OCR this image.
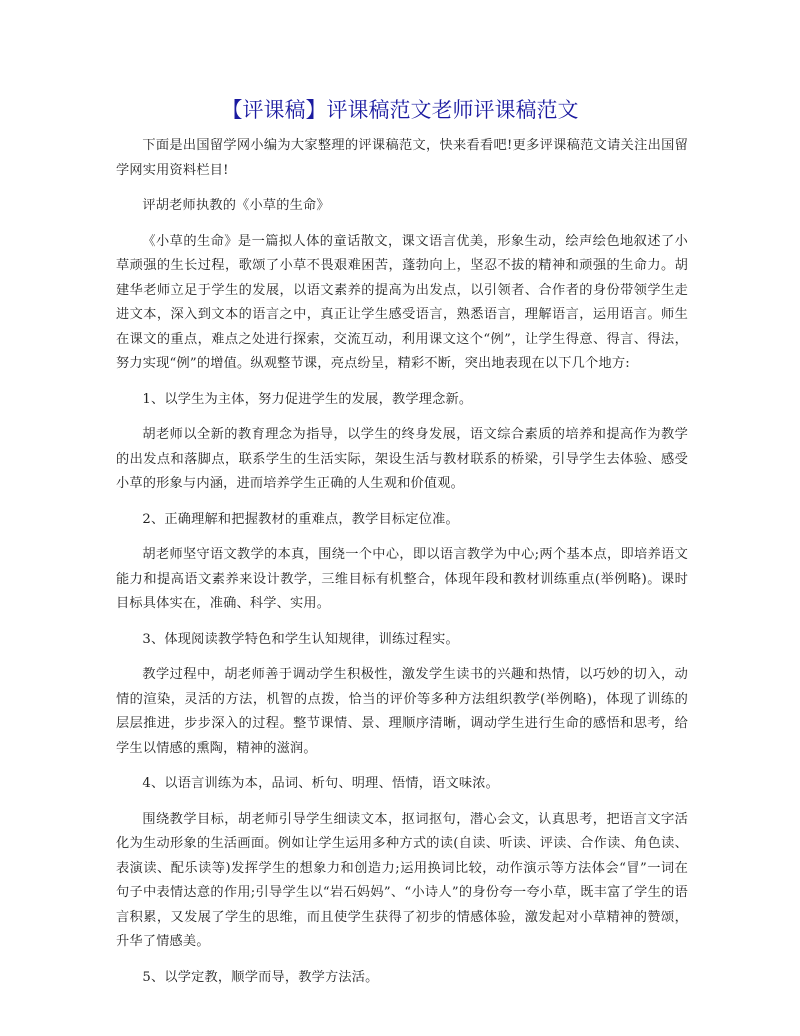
【评课稿】评课稿范文老师评课稿范文

下面是出国留学网小编为大家整理的评课稿范文，快来看看吧!更多评课稿范文请关注出国留学网实用资料栏目!

评胡老师执教的《小草的生命》

《小草的生命》是一篇拟人体的童话散文，课文语言优美，形象生动，绘声绘色地叙述了小草顽强的生长过程，歌颂了小草不畏艰难困苦，蓬勃向上，坚忍不拔的精神和顽强的生命力。胡建华老师立足于学生的发展，以语文素养的提高为出发点，以引领者、合作者的身份带领学生走进文本，深入到文本的语言之中，真正让学生感受语言，熟悉语言，理解语言，运用语言。师生在课文的重点，难点之处进行探索，交流互动，利用课文这个“例”，让学生得意、得言、得法，努力实现“例”的增值。纵观整节课，亮点纷呈，精彩不断，突出地表现在以下几个地方:

1、以学生为主体，努力促进学生的发展，教学理念新。

胡老师以全新的教育理念为指导，以学生的终身发展，语文综合素质的培养和提高作为教学的出发点和落脚点，联系学生的生活实际，架设生活与教材联系的桥梁，引导学生去体验、感受小草的形象与内涵，进而培养学生正确的人生观和价值观。

2、正确理解和把握教材的重难点，教学目标定位准。

胡老师坚守语文教学的本真，围绕一个中心，即以语言教学为中心;两个基本点，即培养语文能力和提高语文素养来设计教学，三维目标有机整合，体现年段和教材训练重点(举例略)。课时目标具体实在，准确、科学、实用。

3、体现阅读教学特色和学生认知规律，训练过程实。

教学过程中，胡老师善于调动学生积极性，激发学生读书的兴趣和热情，以巧妙的切入，动情的渲染，灵活的方法，机智的点拨，恰当的评价等多种方法组织教学(举例略)，体现了训练的层层推进，步步深入的过程。整节课情、景、理顺序清晰，调动学生进行生命的感悟和思考，给学生以情感的熏陶，精神的滋润。

4、以语言训练为本，品词、析句、明理、悟情，语文味浓。

围绕教学目标，胡老师引导学生细读文本，抠词抠句，潜心会文，认真思考，把语言文字活化为生动形象的生活画面。例如让学生运用多种方式的读(自读、听读、评读、合作读、角色读、表演读、配乐读等)发挥学生的想象力和创造力;运用换词比较，动作演示等方法体会“冒”一词在句子中表情达意的作用;引导学生以“岩石妈妈”、“小诗人”的身份夸一夸小草，既丰富了学生的语言积累，又发展了学生的思维，而且使学生获得了初步的情感体验，激发起对小草精神的赞颂，升华了情感美。

5、以学定教，顺学而导，教学方法活。
